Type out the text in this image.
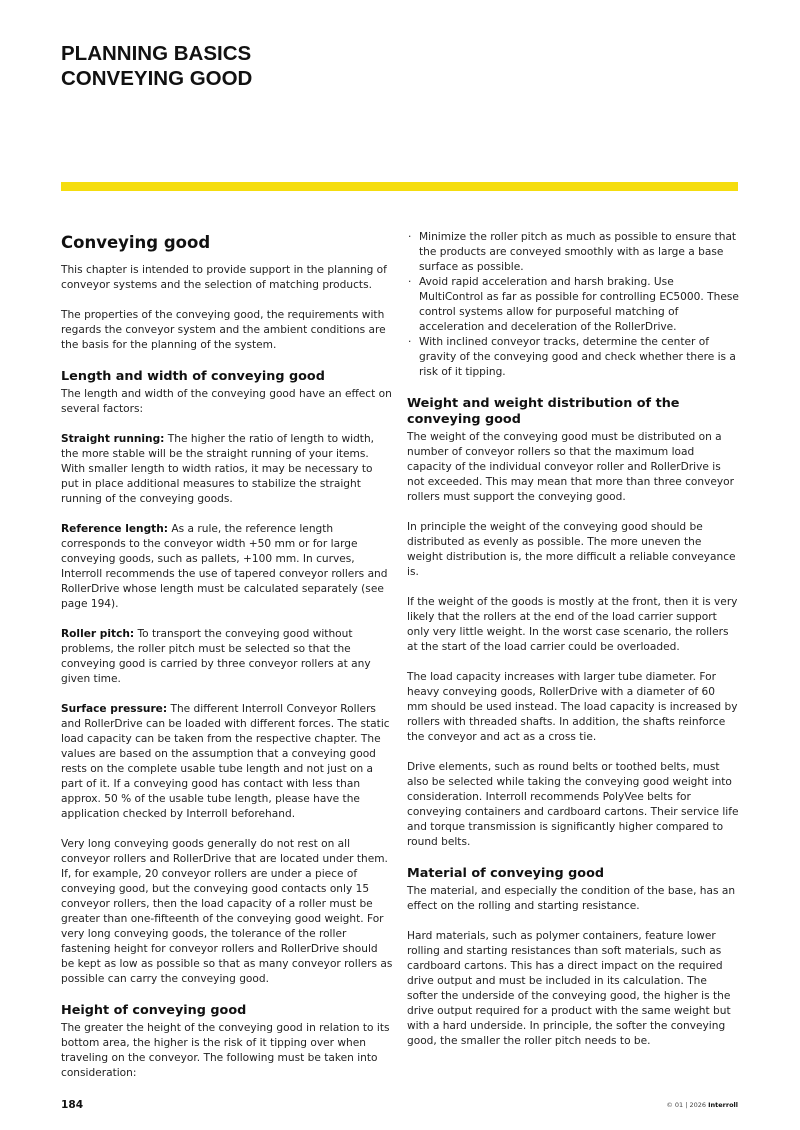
PLANNING BASICS
CONVEYING GOOD
Conveying good

This chapter is intended to provide support in the planning of conveyor systems and the selection of matching products.

The properties of the conveying good, the requirements with regards the conveyor system and the ambient conditions are the basis for the planning of the system.

Length and width of conveying good

The length and width of the conveying good have an effect on several factors:

Straight running: The higher the ratio of length to width, the more stable will be the straight running of your items. With smaller length to width ratios, it may be necessary to put in place additional measures to stabilize the straight running of the conveying goods.

Reference length: As a rule, the reference length corresponds to the conveyor width +50 mm or for large conveying goods, such as pallets, +100 mm. In curves, Interroll recommends the use of tapered conveyor rollers and RollerDrive whose length must be calculated separately (see page 194).

Roller pitch: To transport the conveying good without problems, the roller pitch must be selected so that the conveying good is carried by three conveyor rollers at any given time.

Surface pressure: The different Interroll Conveyor Rollers and RollerDrive can be loaded with different forces. The static load capacity can be taken from the respective chapter. The values are based on the assumption that a conveying good rests on the complete usable tube length and not just on a part of it. If a conveying good has contact with less than approx. 50 % of the usable tube length, please have the application checked by Interroll beforehand.

Very long conveying goods generally do not rest on all conveyor rollers and RollerDrive that are located under them. If, for example, 20 conveyor rollers are under a piece of conveying good, but the conveying good contacts only 15 conveyor rollers, then the load capacity of a roller must be greater than one-fifteenth of the conveying good weight. For very long conveying goods, the tolerance of the roller fastening height for conveyor rollers and RollerDrive should be kept as low as possible so that as many conveyor rollers as possible can carry the conveying good.

Height of conveying good

The greater the height of the conveying good in relation to its bottom area, the higher is the risk of it tipping over when traveling on the conveyor. The following must be taken into consideration:

· Minimize the roller pitch as much as possible to ensure that the products are conveyed smoothly with as large a base surface as possible.
· Avoid rapid acceleration and harsh braking. Use MultiControl as far as possible for controlling EC5000. These control systems allow for purposeful matching of acceleration and deceleration of the RollerDrive.
· With inclined conveyor tracks, determine the center of gravity of the conveying good and check whether there is a risk of it tipping.
Weight and weight distribution of the conveying good

The weight of the conveying good must be distributed on a number of conveyor rollers so that the maximum load capacity of the individual conveyor roller and RollerDrive is not exceeded. This may mean that more than three conveyor rollers must support the conveying good.

In principle the weight of the conveying good should be distributed as evenly as possible. The more uneven the weight distribution is, the more difficult a reliable conveyance is.

If the weight of the goods is mostly at the front, then it is very likely that the rollers at the end of the load carrier support only very little weight. In the worst case scenario, the rollers at the start of the load carrier could be overloaded.

The load capacity increases with larger tube diameter. For heavy conveying goods, RollerDrive with a diameter of 60 mm should be used instead. The load capacity is increased by rollers with threaded shafts. In addition, the shafts reinforce the conveyor and act as a cross tie.

Drive elements, such as round belts or toothed belts, must also be selected while taking the conveying good weight into consideration. Interroll recommends PolyVee belts for conveying containers and cardboard cartons. Their service life and torque transmission is significantly higher compared to round belts.

Material of conveying good

The material, and especially the condition of the base, has an effect on the rolling and starting resistance.

Hard materials, such as polymer containers, feature lower rolling and starting resistances than soft materials, such as cardboard cartons. This has a direct impact on the required drive output and must be included in its calculation. The softer the underside of the conveying good, the higher is the drive output required for a product with the same weight but with a hard underside. In principle, the softer the conveying good, the smaller the roller pitch needs to be.

184	© 01 | 2026 Interroll
